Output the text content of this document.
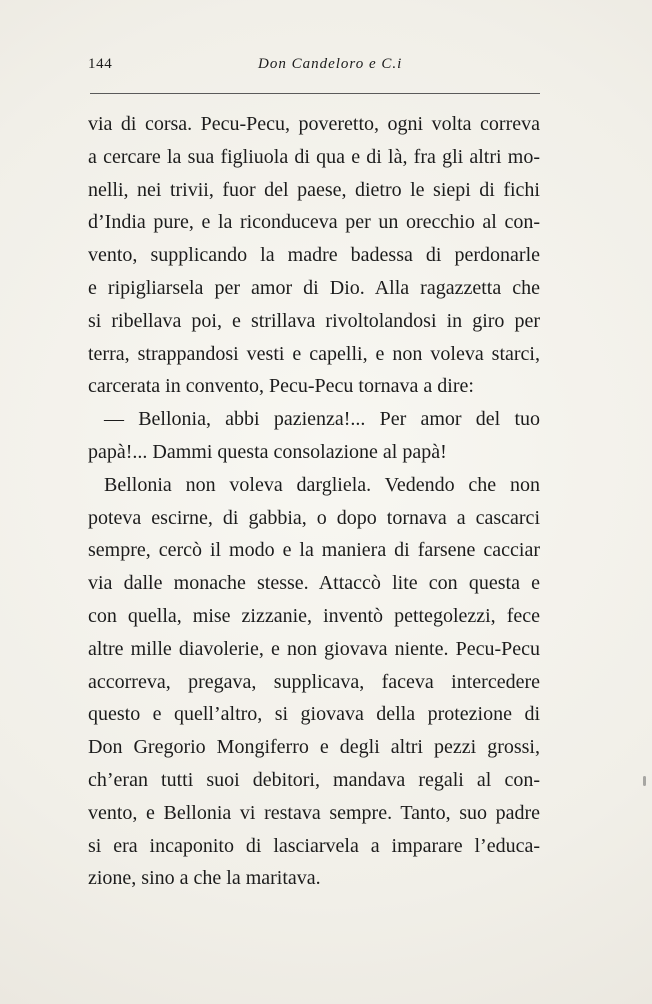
144	Don Candeloro e C.i
via di corsa. Pecu-Pecu, poveretto, ogni volta correva
a cercare la sua figliuola di qua e di là, fra gli altri mo-
nelli, nei trivii, fuor del paese, dietro le siepi di fichi
d’India pure, e la riconduceva per un orecchio al con-
vento, supplicando la madre badessa di perdonarle
e ripigliarsela per amor di Dio. Alla ragazzetta che
si ribellava poi, e strillava rivoltolandosi in giro per
terra, strappandosi vesti e capelli, e non voleva starci,
carcerata in convento, Pecu-Pecu tornava a dire:
— Bellonia, abbi pazienza!... Per amor del tuo
papà!... Dammi questa consolazione al papà!
Bellonia non voleva dargliela. Vedendo che non
poteva escirne, di gabbia, o dopo tornava a cascarci
sempre, cercò il modo e la maniera di farsene cacciar
via dalle monache stesse. Attaccò lite con questa e
con quella, mise zizzanie, inventò pettegolezzi, fece
altre mille diavolerie, e non giovava niente. Pecu-Pecu
accorreva, pregava, supplicava, faceva intercedere
questo e quell’altro, si giovava della protezione di
Don Gregorio Mongiferro e degli altri pezzi grossi,
ch’eran tutti suoi debitori, mandava regali al con-
vento, e Bellonia vi restava sempre. Tanto, suo padre
si era incaponito di lasciarvela a imparare l’educa-
zione, sino a che la maritava.
